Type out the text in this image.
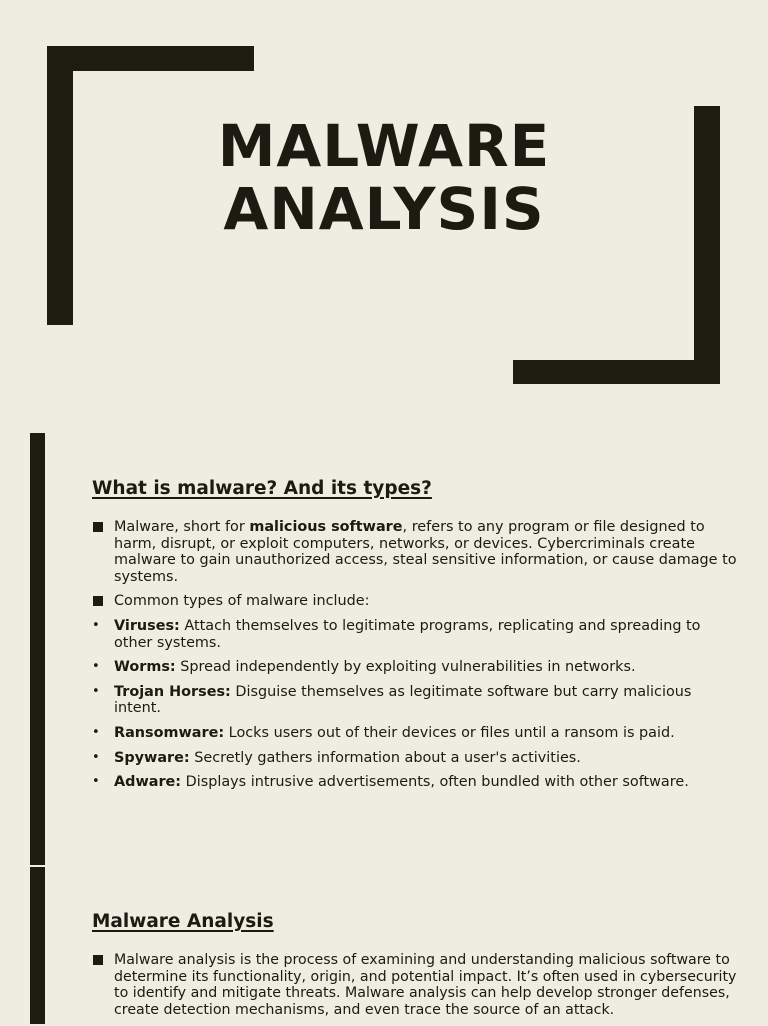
MALWARE
ANALYSIS
What is malware? And its types?
Malware, short for malicious software, refers to any program or file designed to harm, disrupt, or exploit computers, networks, or devices. Cybercriminals create malware to gain unauthorized access, steal sensitive information, or cause damage to systems.
Common types of malware include:
• Viruses: Attach themselves to legitimate programs, replicating and spreading to other systems.
• Worms: Spread independently by exploiting vulnerabilities in networks.
• Trojan Horses: Disguise themselves as legitimate software but carry malicious intent.
• Ransomware: Locks users out of their devices or files until a ransom is paid.
• Spyware: Secretly gathers information about a user's activities.
• Adware: Displays intrusive advertisements, often bundled with other software.
Malware Analysis
Malware analysis is the process of examining and understanding malicious software to determine its functionality, origin, and potential impact. It’s often used in cybersecurity to identify and mitigate threats. Malware analysis can help develop stronger defenses, create detection mechanisms, and even trace the source of an attack.
